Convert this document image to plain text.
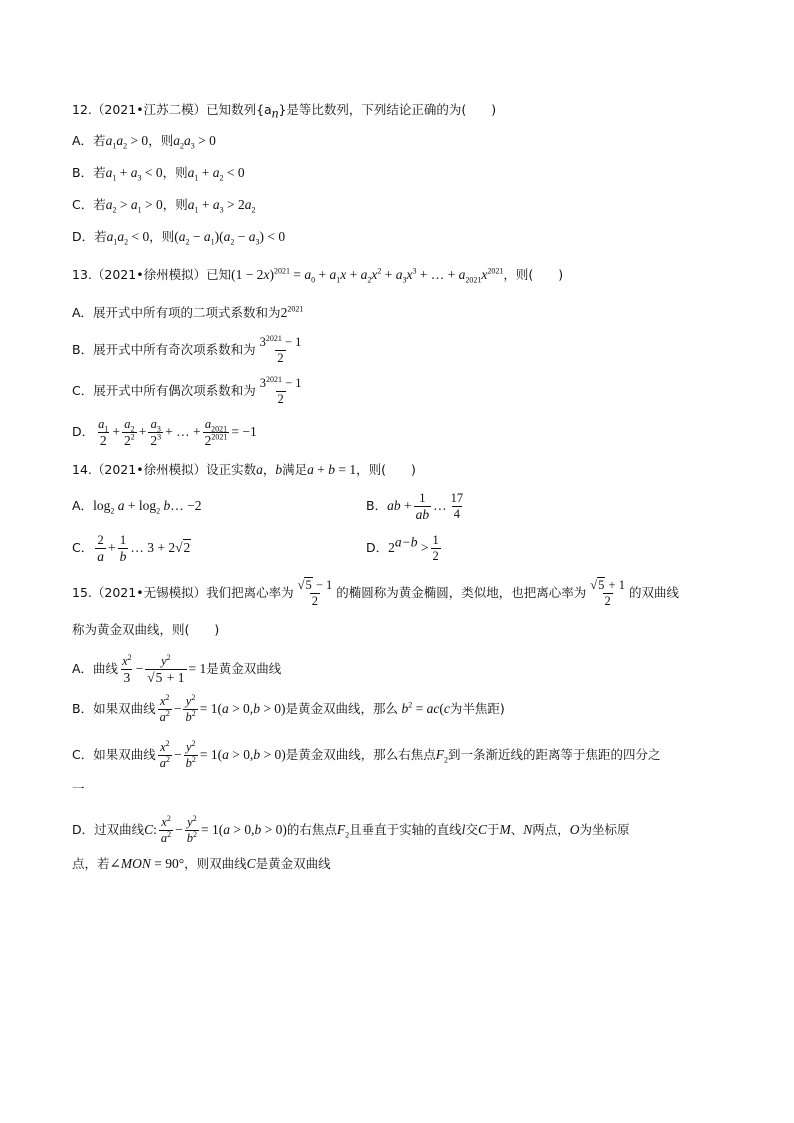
12.（2021•江苏二模）已知数列$\{a_n\}$是等比数列，下列结论正确的为(　　)
A．若$a_1a_2 > 0$，则$a_2a_3 > 0$
B．若$a_1 + a_3 < 0$，则$a_1 + a_2 < 0$
C．若$a_2 > a_1 > 0$，则$a_1 + a_3 > 2a_2$
D．若$a_1a_2 < 0$，则$(a_2 - a_1)(a_2 - a_3) < 0$
13.（2021•徐州模拟）已知$(1 - 2x)^{2021} = a_0 + a_1x + a_2x^2 + a_3x^3$ + … + $a_{2021}x^{2021}$，则(　　)
A．展开式中所有项的二项式系数和为$2^{2021}$
B．展开式中所有奇次项系数和为 $\frac{3^{2021} - 1}{2}$
C．展开式中所有偶次项系数和为 $\frac{3^{2021} - 1}{2}$
D． $\frac{a_1}{2} + \frac{a_2}{2^2} + \frac{a_3}{2^3}$ + … + $\frac{a_{2021}}{2^{2021}} = -1$
14.（2021•徐州模拟）设正实数a，b满足a + b = 1，则(　　)
A．$\log_2 a + \log_2$ b… −2	B． ab + $\frac{1}{ab}$ … $\frac{17}{4}$
C． $\frac{2}{a} + \frac{1}{b}$ … 3 + 2√2	D． $2^{a-b} > \frac{1}{2}$
15.（2021•无锡模拟）我们把离心率为 $\frac{√5 - 1}{2}$ 的椭圆称为黄金椭圆，类似地，也把离心率为 $\frac{√5 + 1}{2}$ 的双曲线
称为黄金双曲线，则(　　)
A．曲线 $\frac{x^2}{3} - \frac{y^2}{√5 + 1} = 1$ 是黄金双曲线
B．如果双曲线 $\frac{x^2}{a^2} - \frac{y^2}{b^2} = 1(a > 0,b > 0)$ 是黄金双曲线，那么 $b^2 = ac(c$ 为半焦距)
C．如果双曲线 $\frac{x^2}{a^2} - \frac{y^2}{b^2} = 1(a > 0,b > 0)$ 是黄金双曲线，那么右焦点 $F_2$ 到一条渐近线的距离等于焦距的四分之
一
D．过双曲线 C: $\frac{x^2}{a^2} - \frac{y^2}{b^2} = 1(a > 0,b > 0)$ 的右焦点 $F_2$ 且垂直于实轴的直线 l 交 C 于 M 、 N 两点， O 为坐标原
点，若∠MON = 90°，则双曲线C是黄金双曲线
